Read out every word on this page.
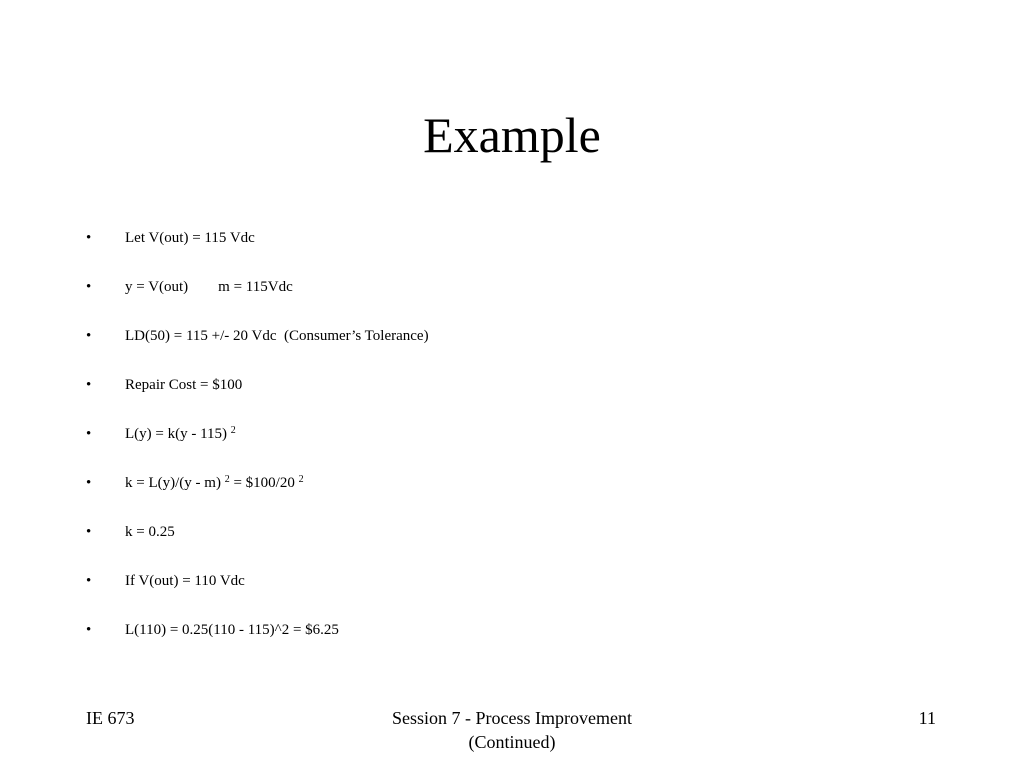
Example
•	Let V(out) = 115 Vdc
•	y = V(out)        m = 115Vdc
•	LD(50) = 115 +/- 20 Vdc  (Consumer’s Tolerance)
•	Repair Cost = $100
•	L(y) = k(y - 115) $^2$
•	k = L(y)/(y - m) $^2$ = $100/20 $^2$
•	k = 0.25
•	If V(out) = 110 Vdc
•	L(110) = 0.25(110 - 115)^2 = $6.25
IE 673	Session 7 - Process Improvement
(Continued)
11
